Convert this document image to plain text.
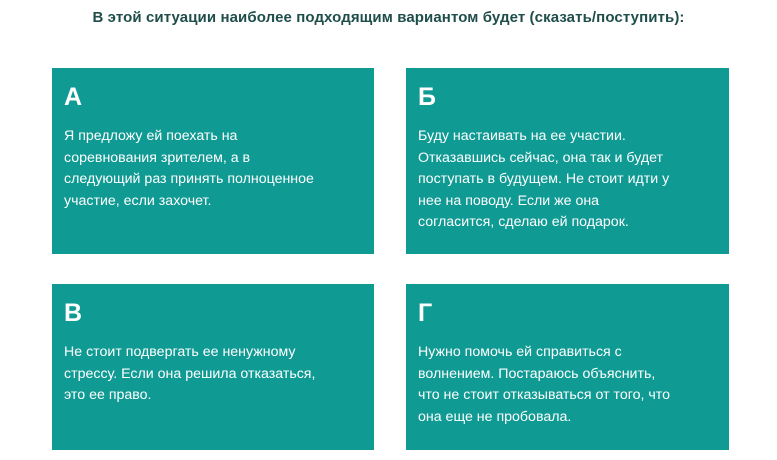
В этой ситуации наиболее подходящим вариантом будет (сказать/поступить):
А
Я предложу ей поехать на
соревнования зрителем, а в
следующий раз принять полноценное
участие, если захочет.
Б
Буду настаивать на ее участии.
Отказавшись сейчас, она так и будет
поступать в будущем. Не стоит идти у
нее на поводу. Если же она
согласится, сделаю ей подарок.
В
Не стоит подвергать ее ненужному
стрессу. Если она решила отказаться,
это ее право.
Г
Нужно помочь ей справиться с
волнением. Постараюсь объяснить,
что не стоит отказываться от того, что
она еще не пробовала.
